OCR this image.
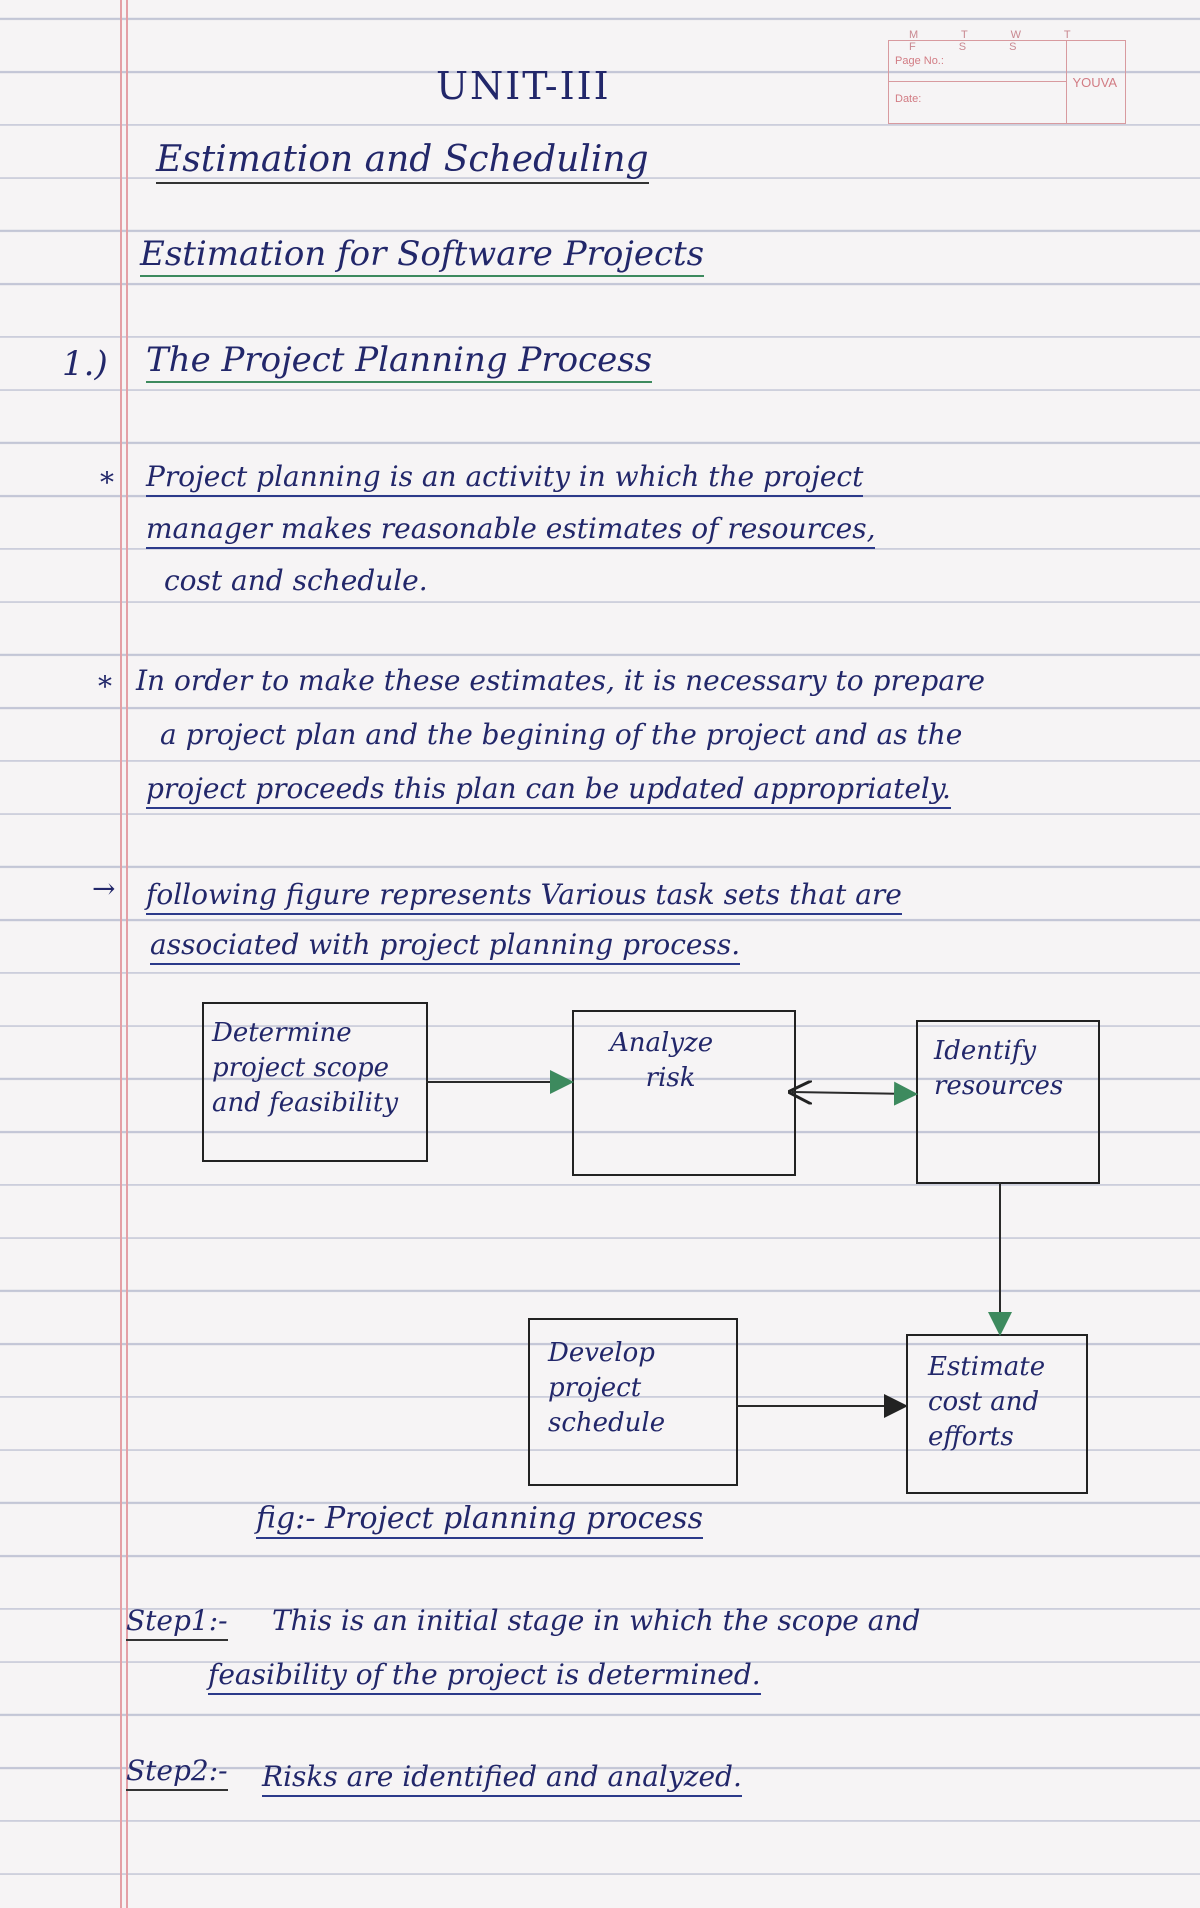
M T W T F S S
Page No.:
Date:
YOUVA
UNIT-III
Estimation and Scheduling
Estimation for Software Projects
1.) The Project Planning Process
* Project planning is an activity in which the project
manager makes reasonable estimates of resources,
cost and schedule.
* In order to make these estimates, it is necessary to prepare
a project plan and the begining of the project and as the
project proceeds this plan can be updated appropriately.
→ following figure represents Various task sets that are
associated with project planning process.
Determine
project scope
and feasibility
Analyze
risk
Identify
resources
Develop
project
schedule
Estimate
cost and
efforts
fig:- Project planning process
Step1:- This is an initial stage in which the scope and
feasibility of the project is determined.
Step2:- Risks are identified and analyzed.
